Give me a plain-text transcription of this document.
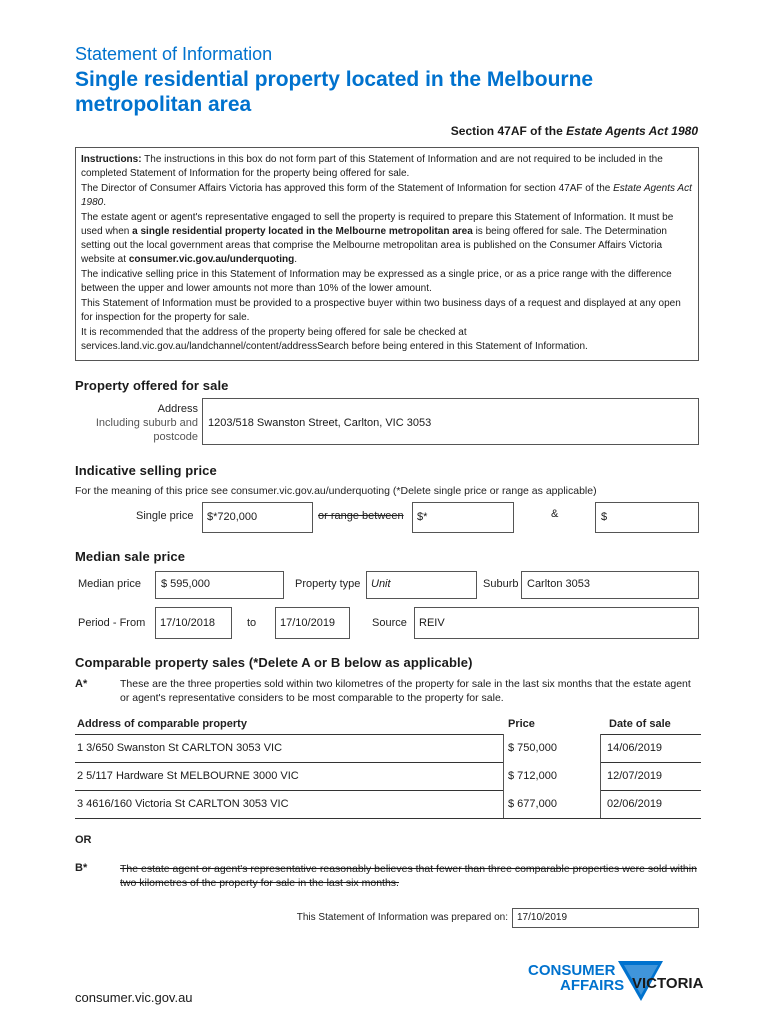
Statement of Information
Single residential property located in the Melbourne metropolitan area
Section 47AF of the Estate Agents Act 1980

Instructions: The instructions in this box do not form part of this Statement of Information and are not required to be included in the completed Statement of Information for the property being offered for sale.

The Director of Consumer Affairs Victoria has approved this form of the Statement of Information for section 47AF of the Estate Agents Act 1980.

The estate agent or agent's representative engaged to sell the property is required to prepare this Statement of Information. It must be used when a single residential property located in the Melbourne metropolitan area is being offered for sale. The Determination setting out the local government areas that comprise the Melbourne metropolitan area is published on the Consumer Affairs Victoria website at consumer.vic.gov.au/underquoting.

The indicative selling price in this Statement of Information may be expressed as a single price, or as a price range with the difference between the upper and lower amounts not more than 10% of the lower amount.

This Statement of Information must be provided to a prospective buyer within two business days of a request and displayed at any open for inspection for the property for sale.

It is recommended that the address of the property being offered for sale be checked at services.land.vic.gov.au/landchannel/content/addressSearch before being entered in this Statement of Information.

Property offered for sale
Address
Including suburb and
postcode
1203/518 Swanston Street, Carlton, VIC 3053
Indicative selling price
For the meaning of this price see consumer.vic.gov.au/underquoting (*Delete single price or range as applicable)
Single price $*720,000	or range between $*	&	$
Median sale price
Median price $ 595,000	Property type Unit	Suburb Carlton 3053
Period - From 17/10/2018	to 17/10/2019	Source REIV
Comparable property sales (*Delete A or B below as applicable)
A*	These are the three properties sold within two kilometres of the property for sale in the last six months that the estate agent or agent's representative considers to be most comparable to the property for sale.
Address of comparable property	Price	Date of sale
1 3/650 Swanston St CARLTON 3053 VIC	$ 750,000	14/06/2019
2 5/117 Hardware St MELBOURNE 3000 VIC	$ 712,000	12/07/2019
3 4616/160 Victoria St CARLTON 3053 VIC	$ 677,000	02/06/2019
OR
B*	The estate agent or agent's representative reasonably believes that fewer than three comparable properties were sold within two kilometres of the property for sale in the last six months.
This Statement of Information was prepared on: 17/10/2019
CONSUMER
AFFAIRS VICTORIA
consumer.vic.gov.au
